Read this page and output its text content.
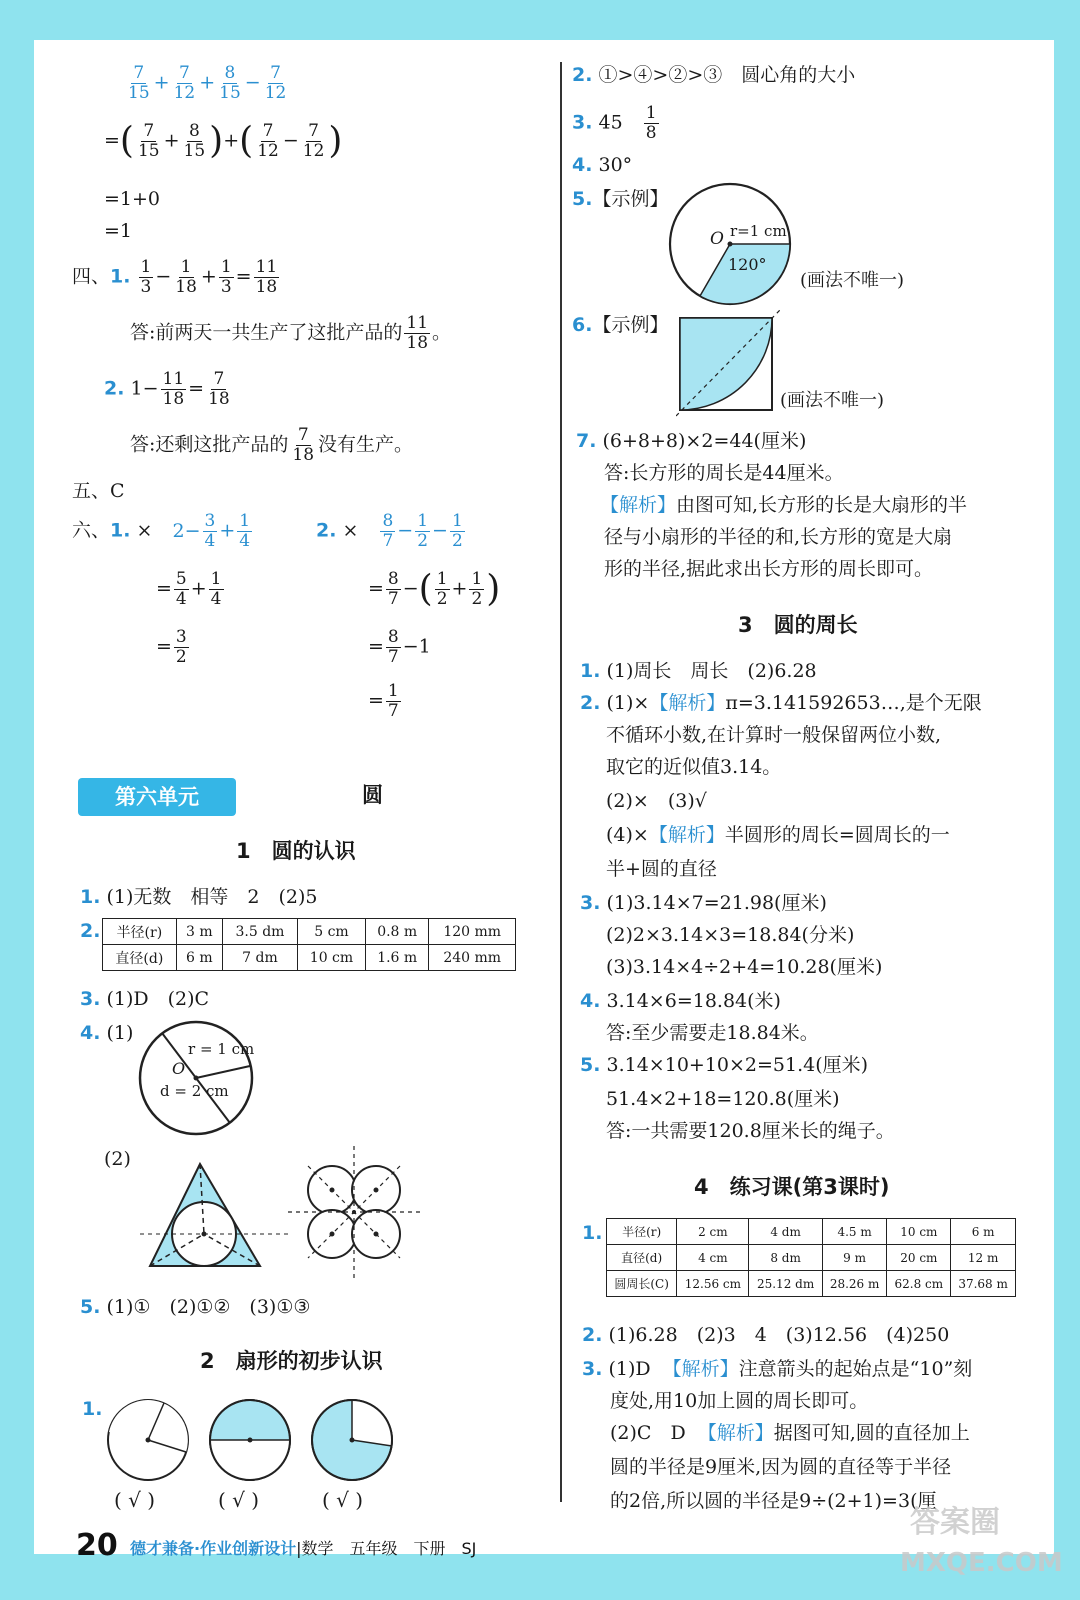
$\frac{7}{15} + \frac{7}{12} + \frac{8}{15} - \frac{7}{12}$
=( $\frac{7}{15} + \frac{8}{15}$ )+( $\frac{7}{12} - \frac{7}{12}$ )
=1+0
=1
四、1. $\frac{1}{3} - \frac{1}{18} + \frac{1}{3} = \frac{11}{18}$
答:前两天一共生产了这批产品的 $\frac{11}{18}$ 。
2. $1- \frac{11}{18} = \frac{7}{18}$
答:还剩这批产品的 $\frac{7}{18}$ 没有生产。
五、C
六、1. × $2- \frac{3}{4} + \frac{1}{4}$
= $\frac{5}{4} + \frac{1}{4}$
= $\frac{3}{2}$
2. × $\frac{8}{7} - \frac{1}{2} - \frac{1}{2}$
= $\frac{8}{7}$ −( $\frac{1}{2} + \frac{1}{2}$ )
= $\frac{8}{7} -1$
= $\frac{1}{7}$
第六单元	圆
1　圆的认识
1. (1)无数　相等　2　(2)5
2. 半径(r)	3 m	3.5 dm	5 cm	0.8 m	120 mm
直径(d)	6 m	7 dm	10 cm	1.6 m	240 mm
3. (1)D　(2)C
4. (1)
O
r = 1 cm
d = 2 cm
(2)
5. (1)①　(2)①②　(3)①③
2　扇形的初步认识
1.
( √ )	( √ )	( √ )
2. ①>④>②>③　圆心角的大小
3. 45　 $\frac{1}{8}$
4. 30°
5.【示例】
O r=1 cm
120°
(画法不唯一)
6.【示例】
(画法不唯一)
7. (6+8+8)×2=44(厘米)
答:长方形的周长是44厘米。
【解析】由图可知,长方形的长是大扇形的半
径与小扇形的半径的和,长方形的宽是大扇
形的半径,据此求出长方形的周长即可。
3　圆的周长
1. (1)周长　周长　(2)6.28
2. (1)×【解析】π=3.141592653…,是个无限
不循环小数,在计算时一般保留两位小数,
取它的近似值3.14。
(2)×　(3)√
(4)×【解析】半圆形的周长=圆周长的一
半+圆的直径
3. (1)3.14×7=21.98(厘米)
(2)2×3.14×3=18.84(分米)
(3)3.14×4÷2+4=10.28(厘米)
4. 3.14×6=18.84(米)
答:至少需要走18.84米。
5. 3.14×10+10×2=51.4(厘米)
51.4×2+18=120.8(厘米)
答:一共需要120.8厘米长的绳子。
4　练习课(第3课时)
1. 半径(r)	2 cm	4 dm	4.5 m	10 cm	6 m
直径(d)	4 cm	8 dm	9 m	20 cm	12 m
圆周长(C)	12.56 cm	25.12 dm	28.26 m	62.8 cm	37.68 m
2. (1)6.28　(2)3　4　(3)12.56　(4)250
3. (1)D 【解析】注意箭头的起始点是“10”刻
度处,用10加上圆的周长即可。
(2)C　D 【解析】据图可知,圆的直径加上
圆的半径是9厘米,因为圆的直径等于半径
的2倍,所以圆的半径是9÷(2+1)=3(厘
20 德才兼备·作业创新设计|数学　五年级　下册　SJ
答案圈
MXQE.COM
